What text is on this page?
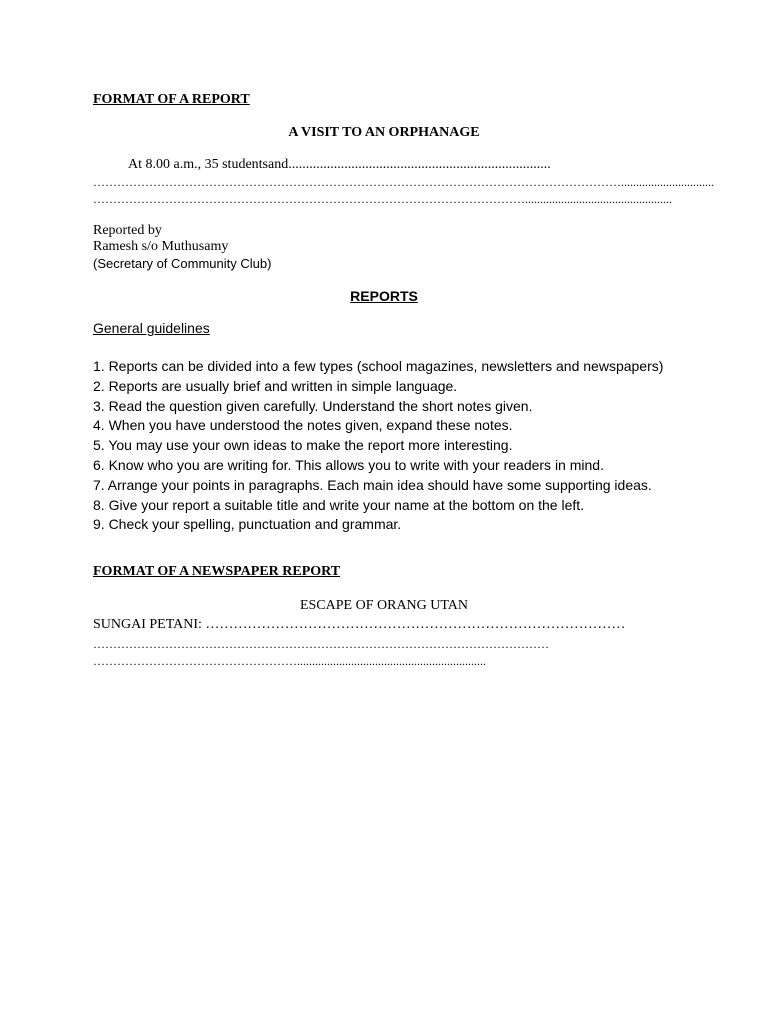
FORMAT OF A REPORT
A VISIT TO AN ORPHANAGE
At 8.00 a.m., 35 studentsand...........................................................................
……………………………………………………………………………………………………………………...............................
……………………………………………………………………………………………….................................................
Reported by
Ramesh s/o Muthusamy
(Secretary of Community Club)
REPORTS
General guidelines
1. Reports can be divided into a few types (school magazines, newsletters and newspapers)
2. Reports are usually brief and written in simple language.
3. Read the question given carefully. Understand the short notes given.
4. When you have understood the notes given, expand these notes.
5. You may use your own ideas to make the report more interesting.
6. Know who you are writing for. This allows you to write with your readers in mind.
7. Arrange your points in paragraphs. Each main idea should have some supporting ideas.
8. Give your report a suitable title and write your name at the bottom on the left.
9. Check your spelling, punctuation and grammar.
FORMAT OF A NEWSPAPER REPORT
ESCAPE OF ORANG UTAN
SUNGAI PETANI: ………………………………………………………………………………
……………………………………………………………………………………………………
……………………………………………...............................................................
